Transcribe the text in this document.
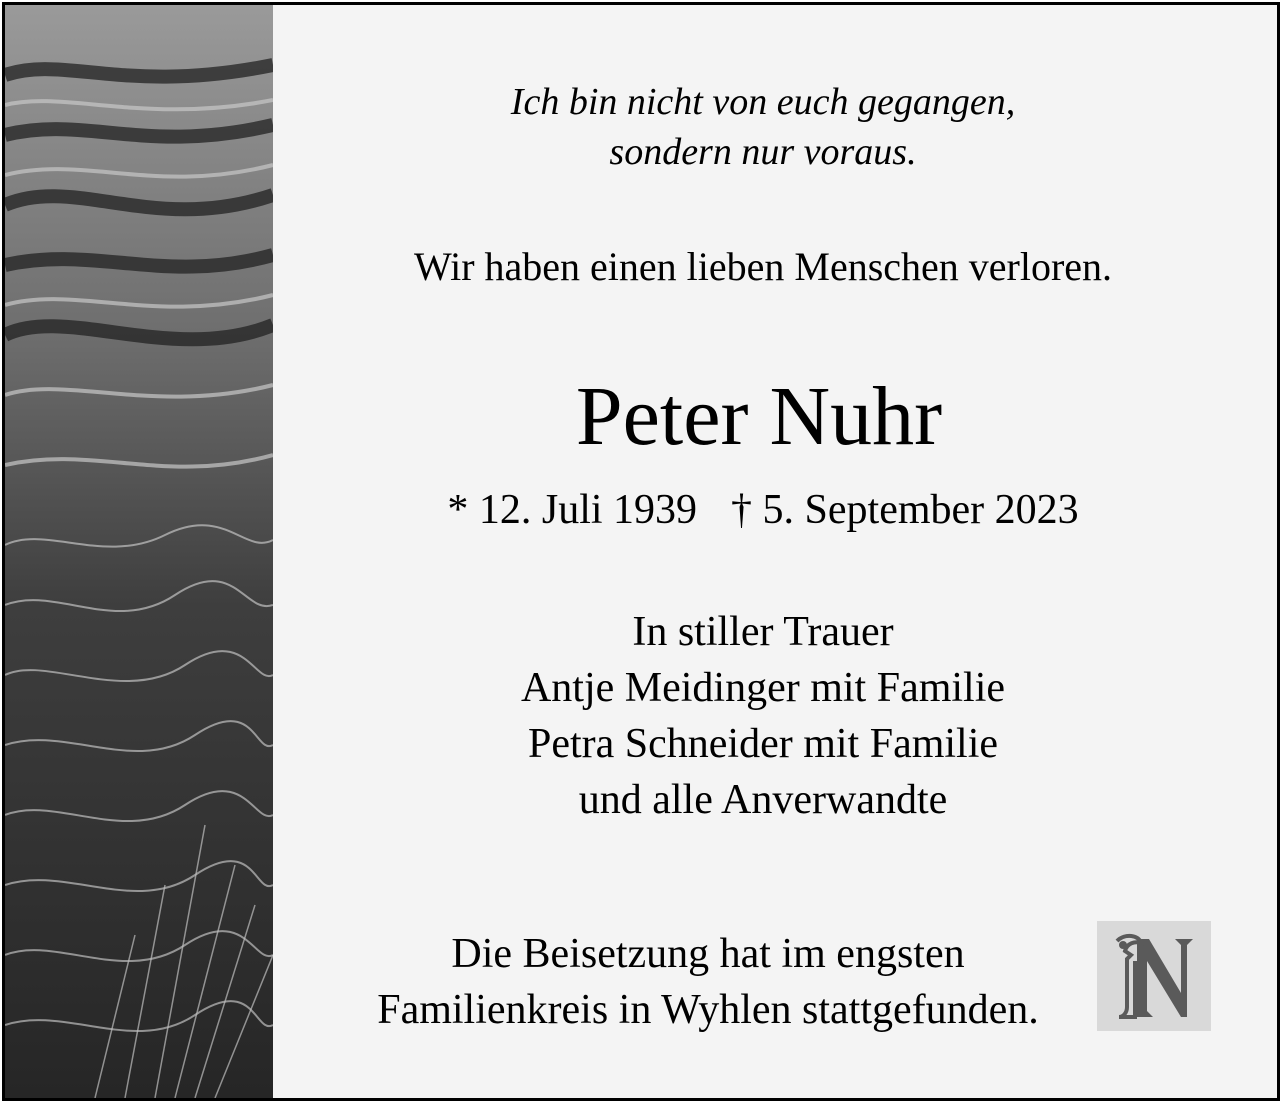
Ich bin nicht von euch gegangen,
sondern nur voraus.
Wir haben einen lieben Menschen verloren.
Peter Nuhr
* 12. Juli 1939 † 5. September 2023
In stiller Trauer
Antje Meidinger mit Familie
Petra Schneider mit Familie
und alle Anverwandte
Die Beisetzung hat im engsten
Familienkreis in Wyhlen stattgefunden.
